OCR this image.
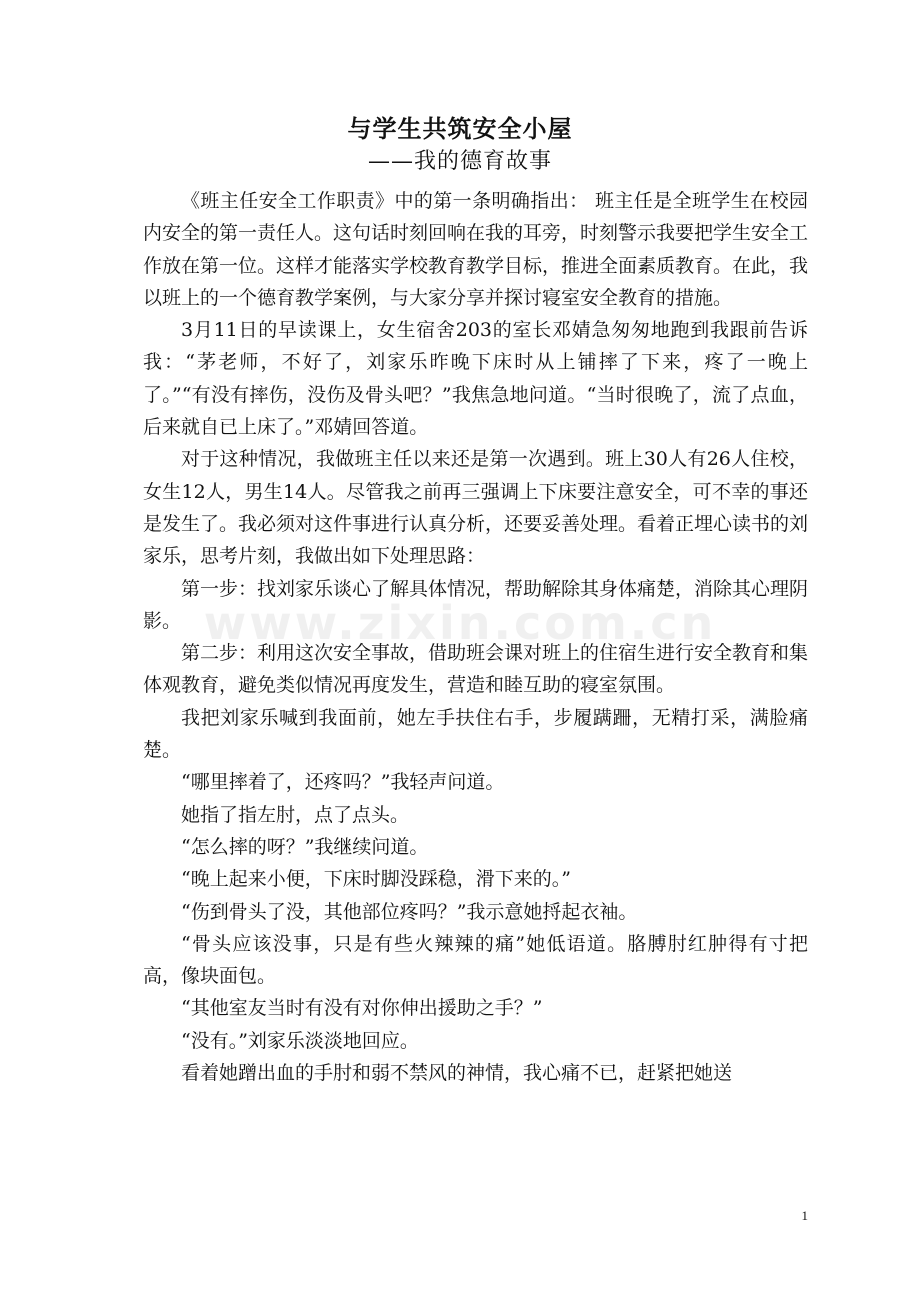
与学生共筑安全小屋
——我的德育故事
www.zixin.com.cn

《班主任安全工作职责》中的第一条明确指出： 班主任是全班学生在校园内安全的第一责任人。这句话时刻回响在我的耳旁，时刻警示我要把学生安全工作放在第一位。这样才能落实学校教育教学目标，推进全面素质教育。在此，我以班上的一个德育教学案例，与大家分享并探讨寝室安全教育的措施。

3月11日的早读课上，女生宿舍203的室长邓婧急匆匆地跑到我跟前告诉我：“茅老师，不好了，刘家乐昨晚下床时从上铺摔了下来，疼了一晚上了。”“有没有摔伤，没伤及骨头吧？”我焦急地问道。“当时很晚了，流了点血，后来就自已上床了。”邓婧回答道。

对于这种情况，我做班主任以来还是第一次遇到。班上30人有26人住校，女生12人，男生14人。尽管我之前再三强调上下床要注意安全，可不幸的事还是发生了。我必须对这件事进行认真分析，还要妥善处理。看着正埋心读书的刘家乐，思考片刻，我做出如下处理思路：

第一步：找刘家乐谈心了解具体情况，帮助解除其身体痛楚，消除其心理阴影。

第二步：利用这次安全事故，借助班会课对班上的住宿生进行安全教育和集体观教育，避免类似情况再度发生，营造和睦互助的寝室氛围。

我把刘家乐喊到我面前，她左手扶住右手，步履蹒跚，无精打采，满脸痛楚。

“哪里摔着了，还疼吗？”我轻声问道。

她指了指左肘，点了点头。

“怎么摔的呀？”我继续问道。

“晚上起来小便，下床时脚没踩稳，滑下来的。”

“伤到骨头了没，其他部位疼吗？”我示意她捋起衣袖。

“骨头应该没事，只是有些火辣辣的痛”她低语道。胳膊肘红肿得有寸把高，像块面包。

“其他室友当时有没有对你伸出援助之手？”

“没有。”刘家乐淡淡地回应。

看着她蹭出血的手肘和弱不禁风的神情，我心痛不已，赶紧把她送

1
